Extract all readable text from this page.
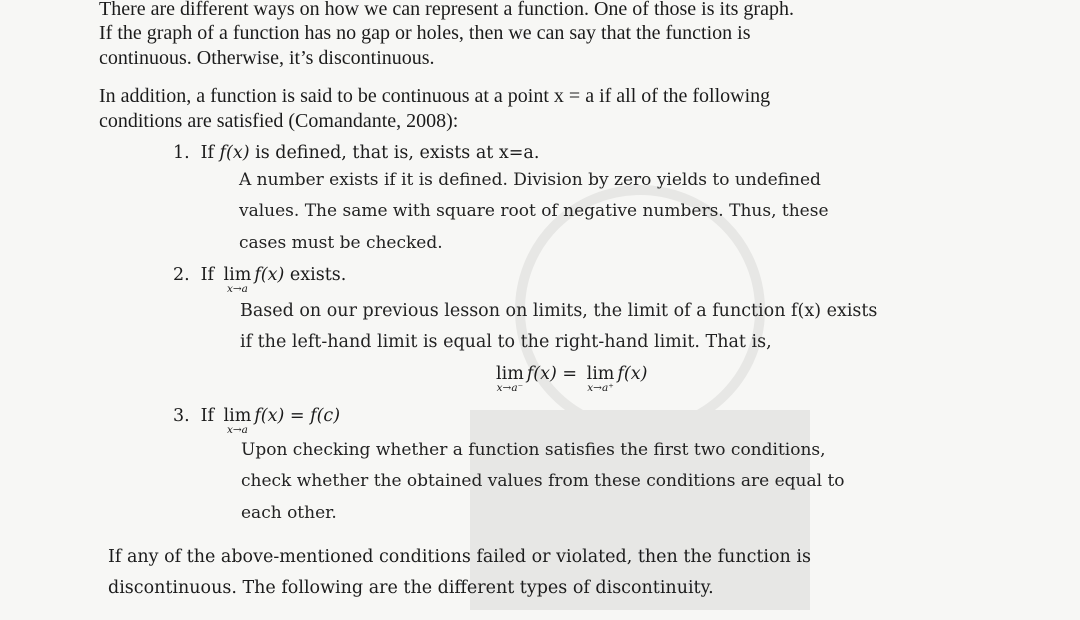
There are different ways on how we can represent a function. One of those is its graph.

If the graph of a function has no gap or holes, then we can say that the function is

continuous. Otherwise, it’s discontinuous.

In addition, a function is said to be continuous at a point x = a if all of the following

conditions are satisfied (Comandante, 2008):

1. If f(x) is defined, that is, exists at x=a.

A number exists if it is defined. Division by zero yields to undefined

values. The same with square root of negative numbers. Thus, these

cases must be checked.

2. If lim
x→a
f(x) exists.

Based on our previous lesson on limits, the limit of a function f(x) exists

if the left-hand limit is equal to the right-hand limit. That is,

lim
x→a⁻
f(x) = lim
x→a⁺
f(x)
3. If lim
x→a
f(x) = f(c)

Upon checking whether a function satisfies the first two conditions,

check whether the obtained values from these conditions are equal to

each other.

If any of the above-mentioned conditions failed or violated, then the function is

discontinuous. The following are the different types of discontinuity.
